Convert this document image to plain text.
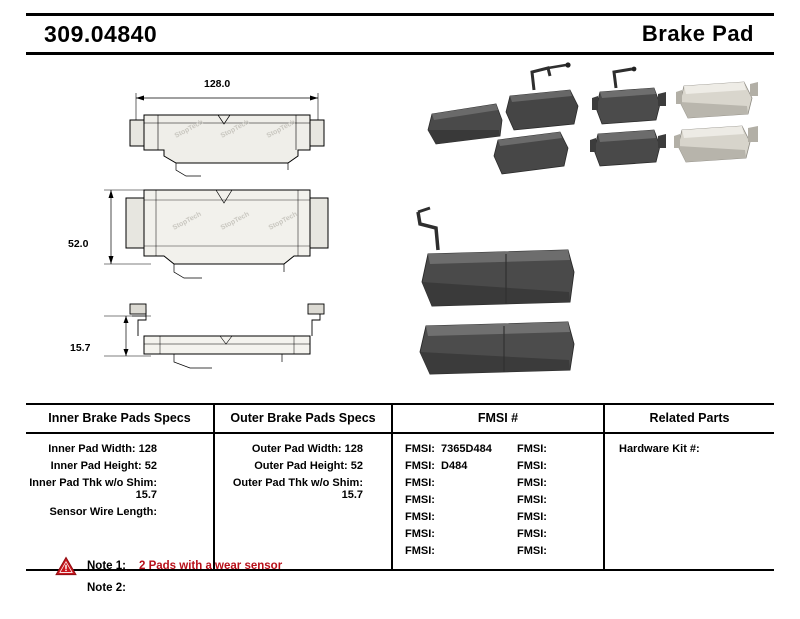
309.04840	Brake Pad
StopTech StopTech StopTech
StopTech StopTech StopTech
128.0
52.0
15.7
Inner Brake Pads Specs	Outer Brake Pads Specs	FMSI #	Related Parts

Inner Pad Width: 128
Inner Pad Height: 52
Inner Pad Thk w/o Shim: 15.7
Sensor Wire Length:

Outer Pad Width: 128
Outer Pad Height: 52
Outer Pad Thk w/o Shim: 15.7

FMSI:  7365D484
FMSI:  D484
FMSI:
FMSI:
FMSI:
FMSI:
FMSI:
FMSI:
FMSI:
FMSI:
FMSI:
FMSI:
FMSI:
FMSI:

Hardware Kit #:
Note 1:	2 Pads with a wear sensor
Note 2:
